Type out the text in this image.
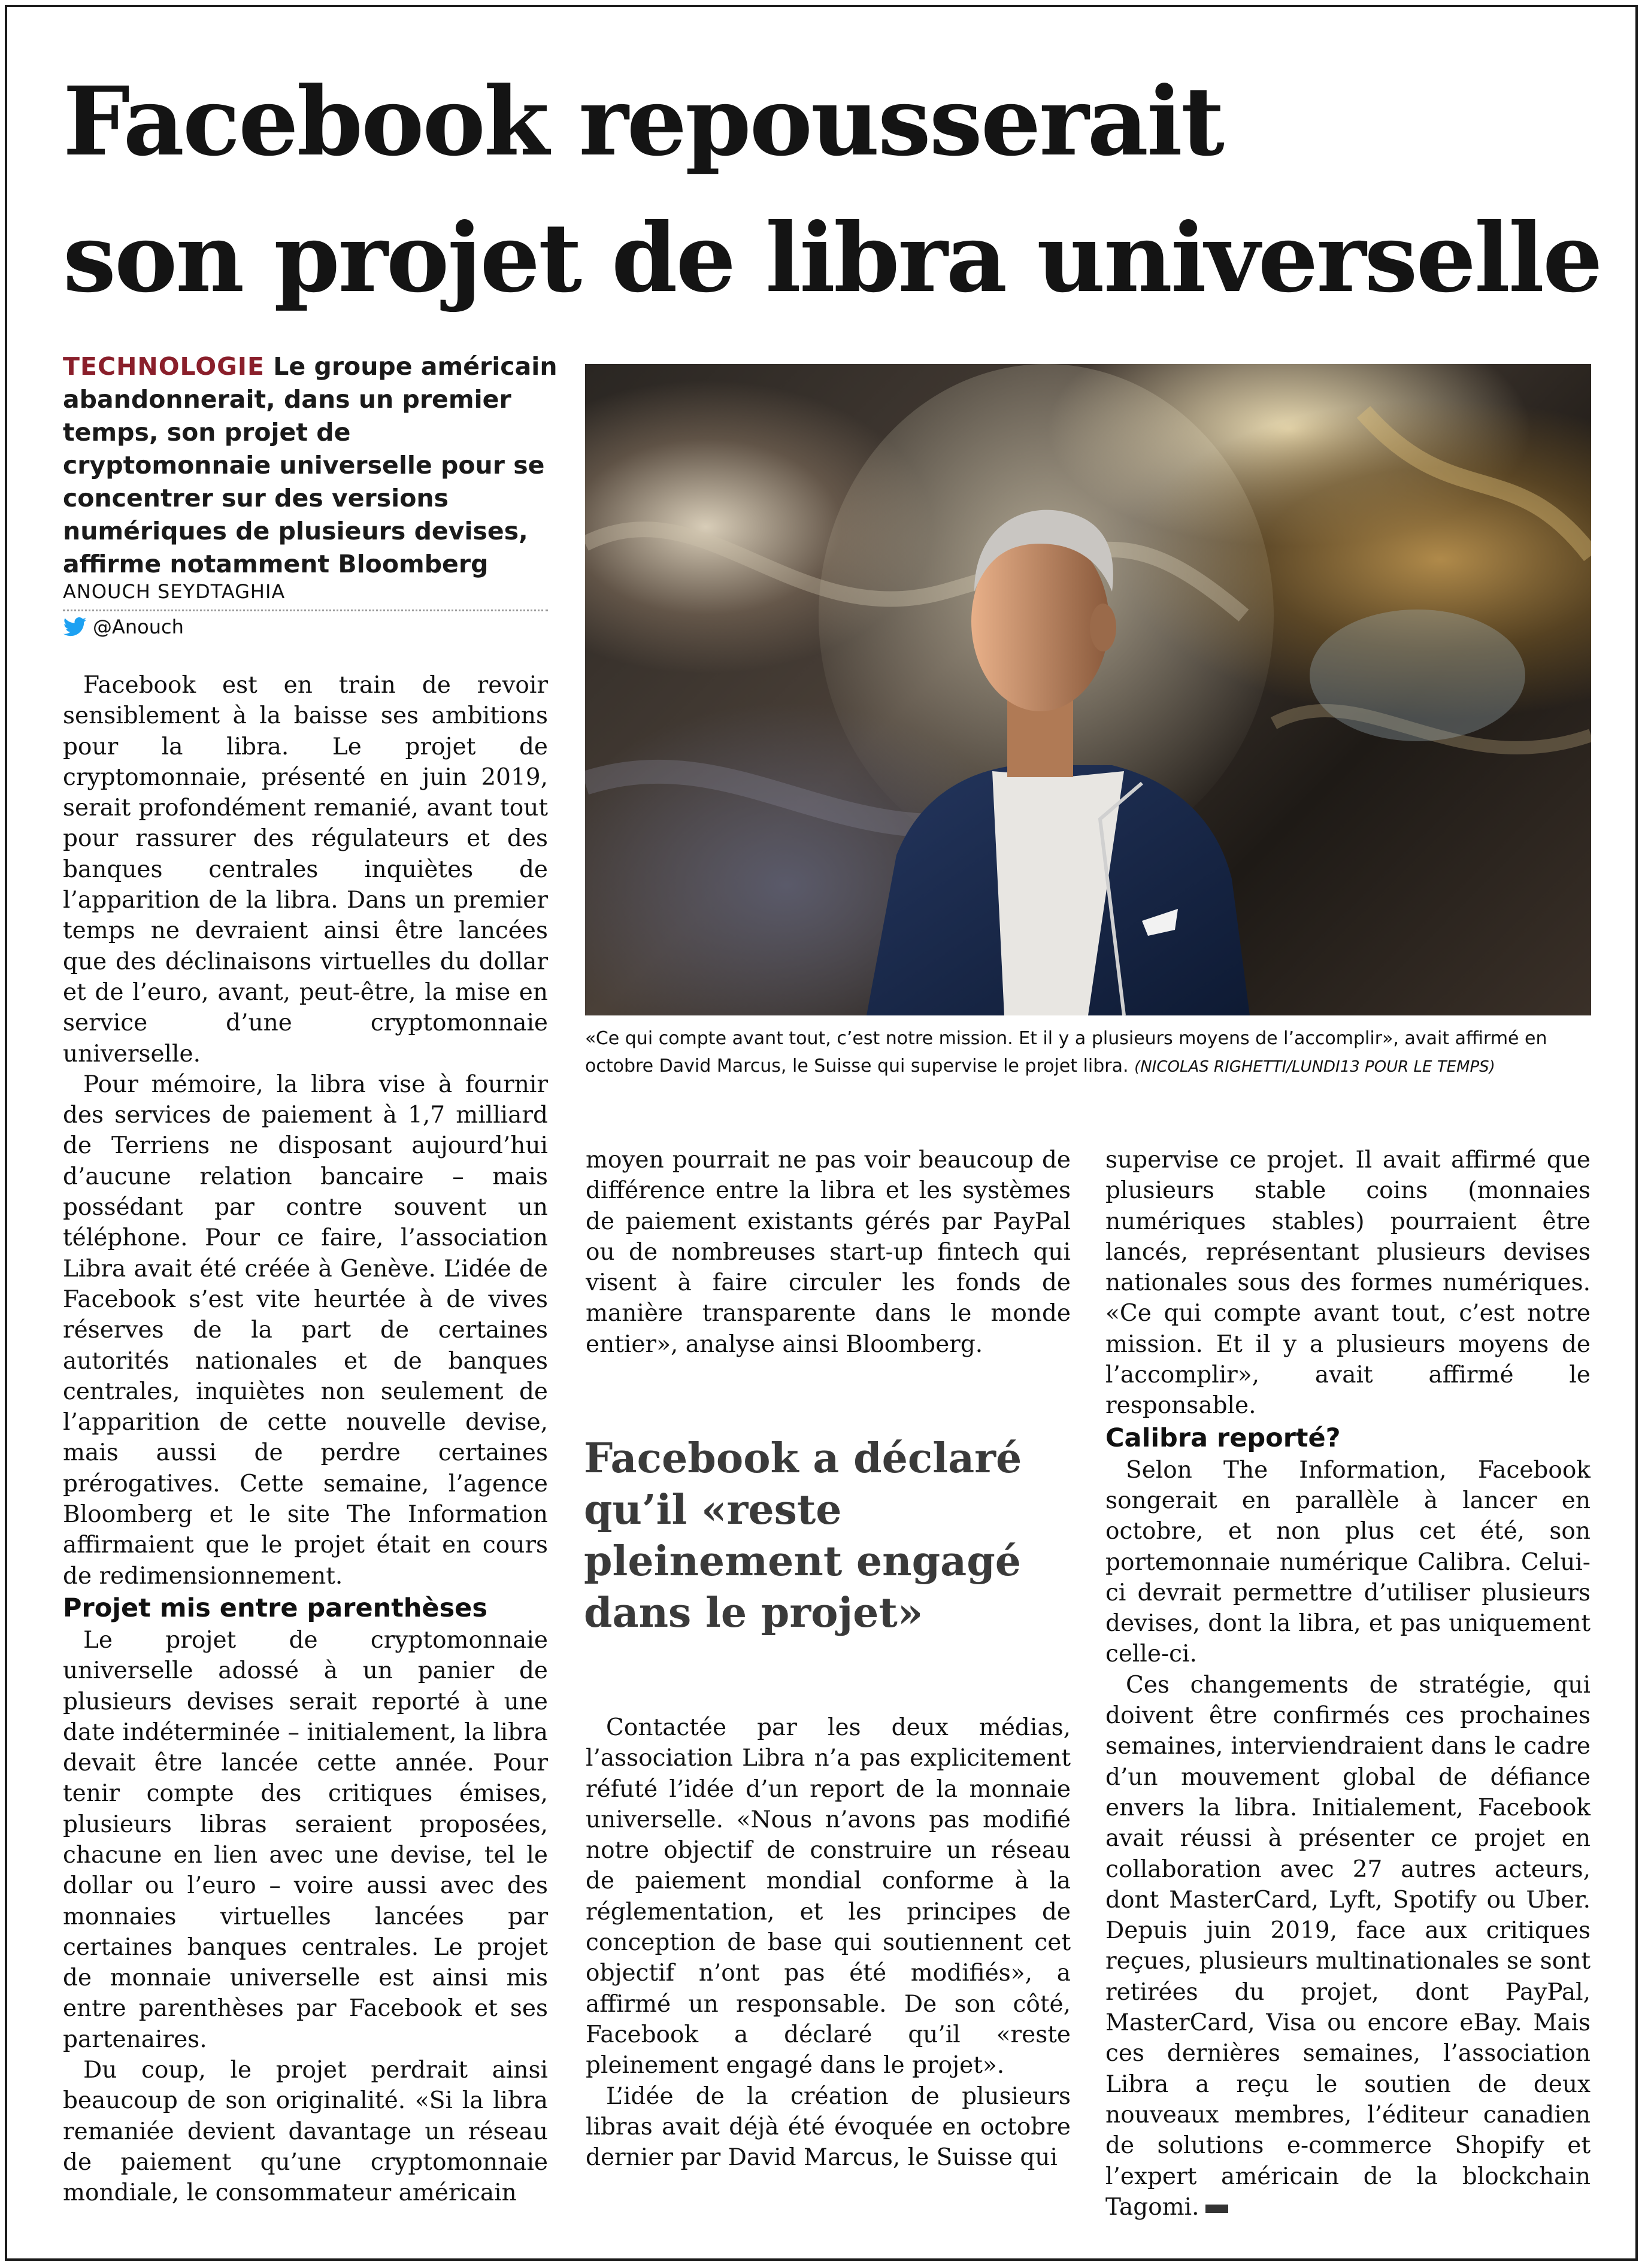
Facebook repousserait
son projet de libra universelle

TECHNOLOGIE Le groupe américain abandonnerait, dans un premier temps, son projet de cryptomonnaie universelle pour se concentrer sur des versions numériques de plusieurs devises, affirme notamment Bloomberg

ANOUCH SEYDTAGHIA
@Anouch
«Ce qui compte avant tout, c’est notre mission. Et il y a plusieurs moyens de l’accomplir», avait affirmé en octobre David Marcus, le Suisse qui supervise le projet libra. (NICOLAS RIGHETTI/LUNDI13 POUR LE TEMPS)

Facebook est en train de revoir sensiblement à la baisse ses ambitions pour la libra. Le projet de cryptomonnaie, présenté en juin 2019, serait profondément remanié, avant tout pour rassurer des régulateurs et des banques centrales inquiètes de l’apparition de la libra. Dans un premier temps ne devraient ainsi être lancées que des déclinaisons virtuelles du dollar et de l’euro, avant, peut-être, la mise en service d’une cryptomonnaie universelle.

Pour mémoire, la libra vise à fournir des services de paiement à 1,7 milliard de Terriens ne disposant aujourd’hui d’aucune relation bancaire – mais possédant par contre souvent un téléphone. Pour ce faire, l’association Libra avait été créée à Genève. L’idée de Facebook s’est vite heurtée à de vives réserves de la part de certaines autorités nationales et de banques centrales, inquiètes non seulement de l’apparition de cette nouvelle devise, mais aussi de perdre certaines prérogatives. Cette semaine, l’agence Bloomberg et le site The Information affirmaient que le projet était en cours de redimensionnement.

Projet mis entre parenthèses

Le projet de cryptomonnaie universelle adossé à un panier de plusieurs devises serait reporté à une date indéterminée – initialement, la libra devait être lancée cette année. Pour tenir compte des critiques émises, plusieurs libras seraient proposées, chacune en lien avec une devise, tel le dollar ou l’euro – voire aussi avec des monnaies virtuelles lancées par certaines banques centrales. Le projet de monnaie universelle est ainsi mis entre parenthèses par Facebook et ses partenaires.

Du coup, le projet perdrait ainsi beaucoup de son originalité. «Si la libra remaniée devient davantage un réseau de paiement qu’une cryptomonnaie mondiale, le consommateur américain

moyen pourrait ne pas voir beaucoup de différence entre la libra et les systèmes de paiement existants gérés par PayPal ou de nombreuses start-up fintech qui visent à faire circuler les fonds de manière transparente dans le monde entier», analyse ainsi Bloomberg.

Facebook a déclaré qu’il «reste pleinement engagé dans le projet»

Contactée par les deux médias, l’association Libra n’a pas explicitement réfuté l’idée d’un report de la monnaie universelle. «Nous n’avons pas modifié notre objectif de construire un réseau de paiement mondial conforme à la réglementation, et les principes de conception de base qui soutiennent cet objectif n’ont pas été modifiés», a affirmé un responsable. De son côté, Facebook a déclaré qu’il «reste pleinement engagé dans le projet».

L’idée de la création de plusieurs libras avait déjà été évoquée en octobre dernier par David Marcus, le Suisse qui

supervise ce projet. Il avait affirmé que plusieurs stable coins (monnaies numériques stables) pourraient être lancés, représentant plusieurs devises nationales sous des formes numériques. «Ce qui compte avant tout, c’est notre mission. Et il y a plusieurs moyens de l’accomplir», avait affirmé le responsable.

Calibra reporté?

Selon The Information, Facebook songerait en parallèle à lancer en octobre, et non plus cet été, son portemonnaie numérique Calibra. Celui-ci devrait permettre d’utiliser plusieurs devises, dont la libra, et pas uniquement celle-ci.

Ces changements de stratégie, qui doivent être confirmés ces prochaines semaines, interviendraient dans le cadre d’un mouvement global de défiance envers la libra. Initialement, Facebook avait réussi à présenter ce projet en collaboration avec 27 autres acteurs, dont MasterCard, Lyft, Spotify ou Uber. Depuis juin 2019, face aux critiques reçues, plusieurs multinationales se sont retirées du projet, dont PayPal, MasterCard, Visa ou encore eBay. Mais ces dernières semaines, l’association Libra a reçu le soutien de deux nouveaux membres, l’éditeur canadien de solutions e-commerce Shopify et l’expert américain de la blockchain Tagomi.
